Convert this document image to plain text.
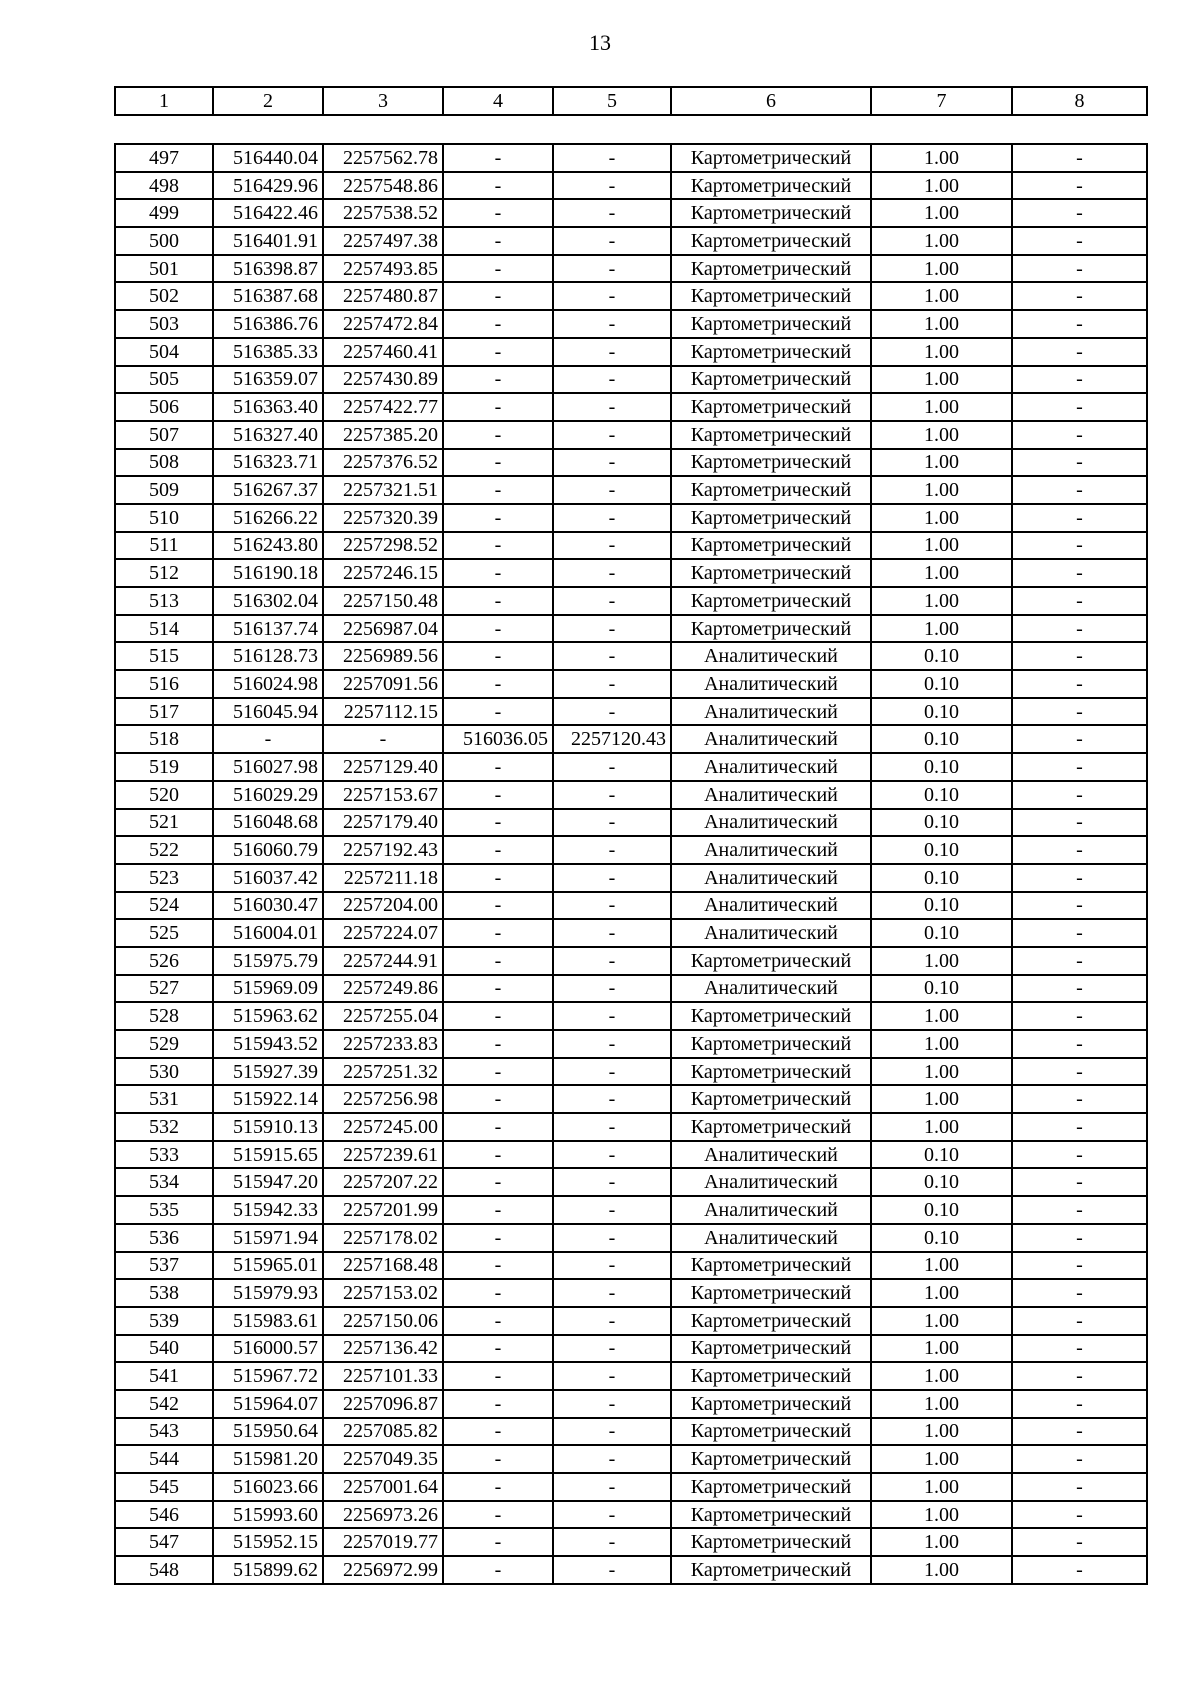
13
1	2	3	4	5	6	7	8
497	516440.04	2257562.78	-	-	Картометрический	1.00	-
498	516429.96	2257548.86	-	-	Картометрический	1.00	-
499	516422.46	2257538.52	-	-	Картометрический	1.00	-
500	516401.91	2257497.38	-	-	Картометрический	1.00	-
501	516398.87	2257493.85	-	-	Картометрический	1.00	-
502	516387.68	2257480.87	-	-	Картометрический	1.00	-
503	516386.76	2257472.84	-	-	Картометрический	1.00	-
504	516385.33	2257460.41	-	-	Картометрический	1.00	-
505	516359.07	2257430.89	-	-	Картометрический	1.00	-
506	516363.40	2257422.77	-	-	Картометрический	1.00	-
507	516327.40	2257385.20	-	-	Картометрический	1.00	-
508	516323.71	2257376.52	-	-	Картометрический	1.00	-
509	516267.37	2257321.51	-	-	Картометрический	1.00	-
510	516266.22	2257320.39	-	-	Картометрический	1.00	-
511	516243.80	2257298.52	-	-	Картометрический	1.00	-
512	516190.18	2257246.15	-	-	Картометрический	1.00	-
513	516302.04	2257150.48	-	-	Картометрический	1.00	-
514	516137.74	2256987.04	-	-	Картометрический	1.00	-
515	516128.73	2256989.56	-	-	Аналитический	0.10	-
516	516024.98	2257091.56	-	-	Аналитический	0.10	-
517	516045.94	2257112.15	-	-	Аналитический	0.10	-
518	-	-	516036.05	2257120.43	Аналитический	0.10	-
519	516027.98	2257129.40	-	-	Аналитический	0.10	-
520	516029.29	2257153.67	-	-	Аналитический	0.10	-
521	516048.68	2257179.40	-	-	Аналитический	0.10	-
522	516060.79	2257192.43	-	-	Аналитический	0.10	-
523	516037.42	2257211.18	-	-	Аналитический	0.10	-
524	516030.47	2257204.00	-	-	Аналитический	0.10	-
525	516004.01	2257224.07	-	-	Аналитический	0.10	-
526	515975.79	2257244.91	-	-	Картометрический	1.00	-
527	515969.09	2257249.86	-	-	Аналитический	0.10	-
528	515963.62	2257255.04	-	-	Картометрический	1.00	-
529	515943.52	2257233.83	-	-	Картометрический	1.00	-
530	515927.39	2257251.32	-	-	Картометрический	1.00	-
531	515922.14	2257256.98	-	-	Картометрический	1.00	-
532	515910.13	2257245.00	-	-	Картометрический	1.00	-
533	515915.65	2257239.61	-	-	Аналитический	0.10	-
534	515947.20	2257207.22	-	-	Аналитический	0.10	-
535	515942.33	2257201.99	-	-	Аналитический	0.10	-
536	515971.94	2257178.02	-	-	Аналитический	0.10	-
537	515965.01	2257168.48	-	-	Картометрический	1.00	-
538	515979.93	2257153.02	-	-	Картометрический	1.00	-
539	515983.61	2257150.06	-	-	Картометрический	1.00	-
540	516000.57	2257136.42	-	-	Картометрический	1.00	-
541	515967.72	2257101.33	-	-	Картометрический	1.00	-
542	515964.07	2257096.87	-	-	Картометрический	1.00	-
543	515950.64	2257085.82	-	-	Картометрический	1.00	-
544	515981.20	2257049.35	-	-	Картометрический	1.00	-
545	516023.66	2257001.64	-	-	Картометрический	1.00	-
546	515993.60	2256973.26	-	-	Картометрический	1.00	-
547	515952.15	2257019.77	-	-	Картометрический	1.00	-
548	515899.62	2256972.99	-	-	Картометрический	1.00	-
